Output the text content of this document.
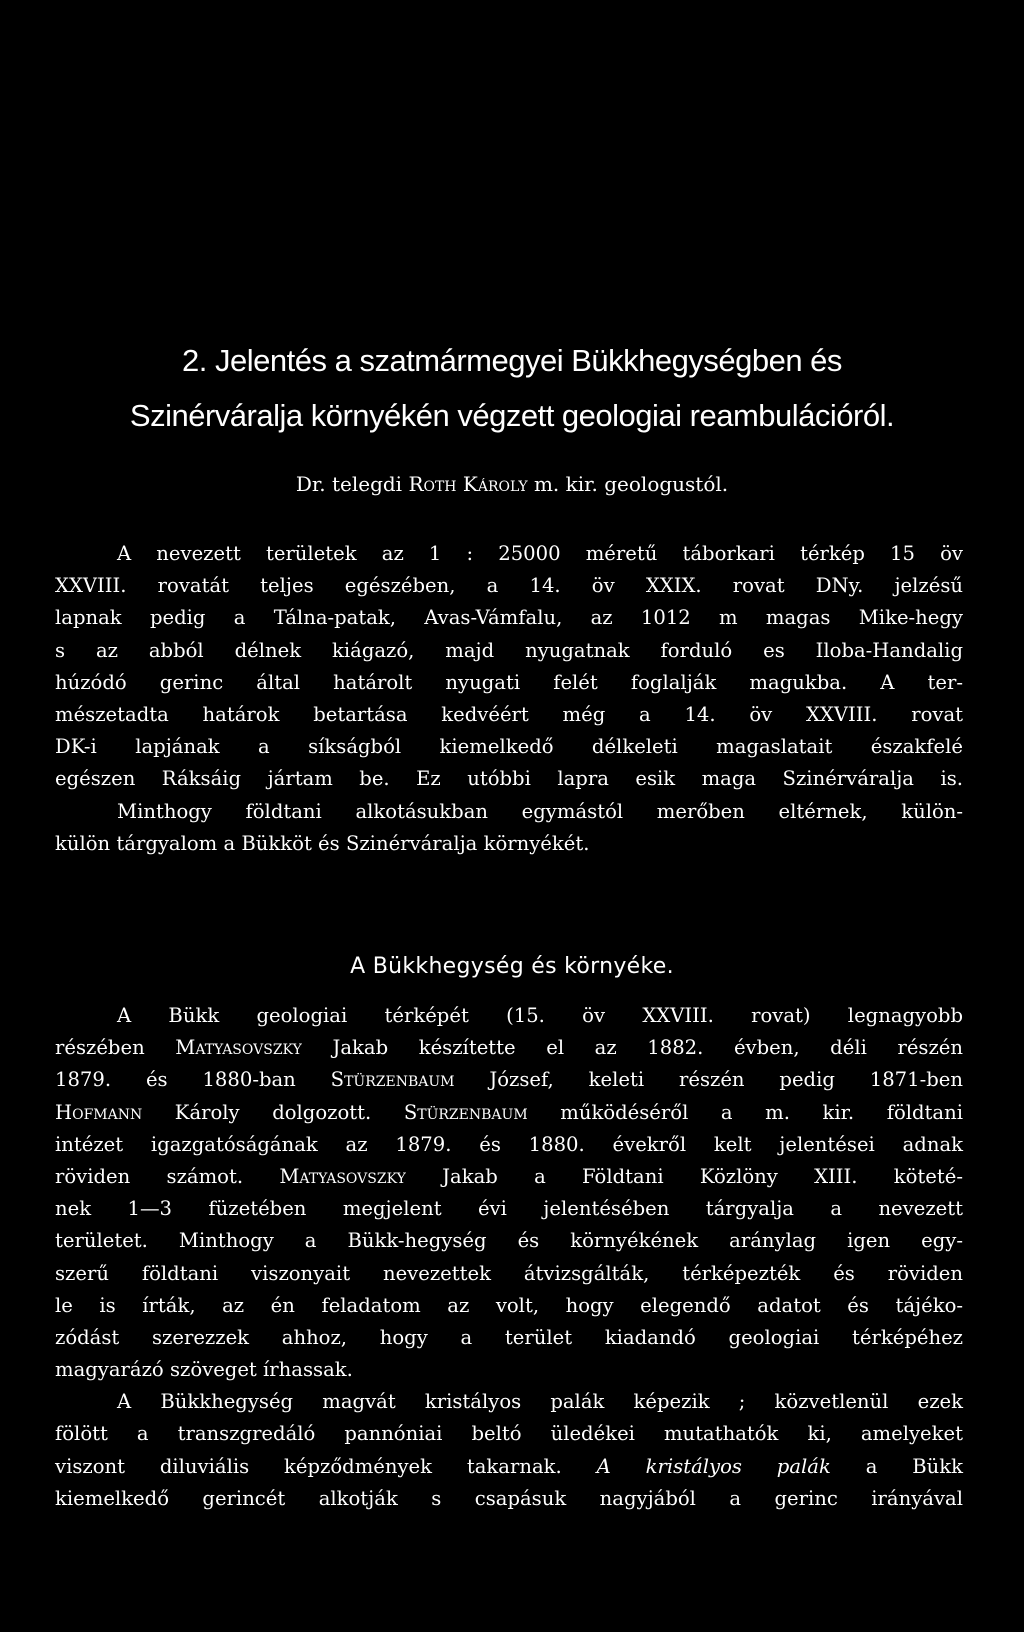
2. Jelentés a szatmármegyei Bükkhegységben és
Szinérváralja környékén végzett geologiai reambulációról.
Dr. telegdi Roth Károly m. kir. geologustól.
A nevezett területek az 1 : 25000 méretű táborkari térkép 15 öv
XXVIII. rovatát teljes egészében, a 14. öv XXIX. rovat DNy. jelzésű
lapnak pedig a Tálna-patak, Avas-Vámfalu, az 1012 m magas Mike-hegy
s az abból délnek kiágazó, majd nyugatnak forduló es Iloba-Handalig
húzódó gerinc által határolt nyugati felét foglalják magukba. A ter-
mészetadta határok betartása kedvéért még a 14. öv XXVIII. rovat
DK-i lapjának a síkságból kiemelkedő délkeleti magaslatait északfelé
egészen Ráksáig jártam be. Ez utóbbi lapra esik maga Szinérváralja is.
Minthogy földtani alkotásukban egymástól merőben eltérnek, külön-
külön tárgyalom a Bükköt és Szinérváralja környékét.
A Bükkhegység és környéke.
A Bükk geologiai térképét (15. öv XXVIII. rovat) legnagyobb
részében Matyasovszky Jakab készítette el az 1882. évben, déli részén
1879. és 1880-ban Stürzenbaum József, keleti részén pedig 1871-ben
Hofmann Károly dolgozott. Stürzenbaum működéséről a m. kir. földtani
intézet igazgatóságának az 1879. és 1880. évekről kelt jelentései adnak
röviden számot. Matyasovszky Jakab a Földtani Közlöny XIII. köteté-
nek 1—3 füzetében megjelent évi jelentésében tárgyalja a nevezett
területet. Minthogy a Bükk-hegység és környékének aránylag igen egy-
szerű földtani viszonyait nevezettek átvizsgálták, térképezték és röviden
le is írták, az én feladatom az volt, hogy elegendő adatot és tájéko-
zódást szerezzek ahhoz, hogy a terület kiadandó geologiai térképéhez
magyarázó szöveget írhassak.
A Bükkhegység magvát kristályos palák képezik ; közvetlenül ezek
fölött a transzgredáló pannóniai beltó üledékei mutathatók ki, amelyeket
viszont diluviális képződmények takarnak. A kristályos palák a Bükk
kiemelkedő gerincét alkotják s csapásuk nagyjából a gerinc irányával
